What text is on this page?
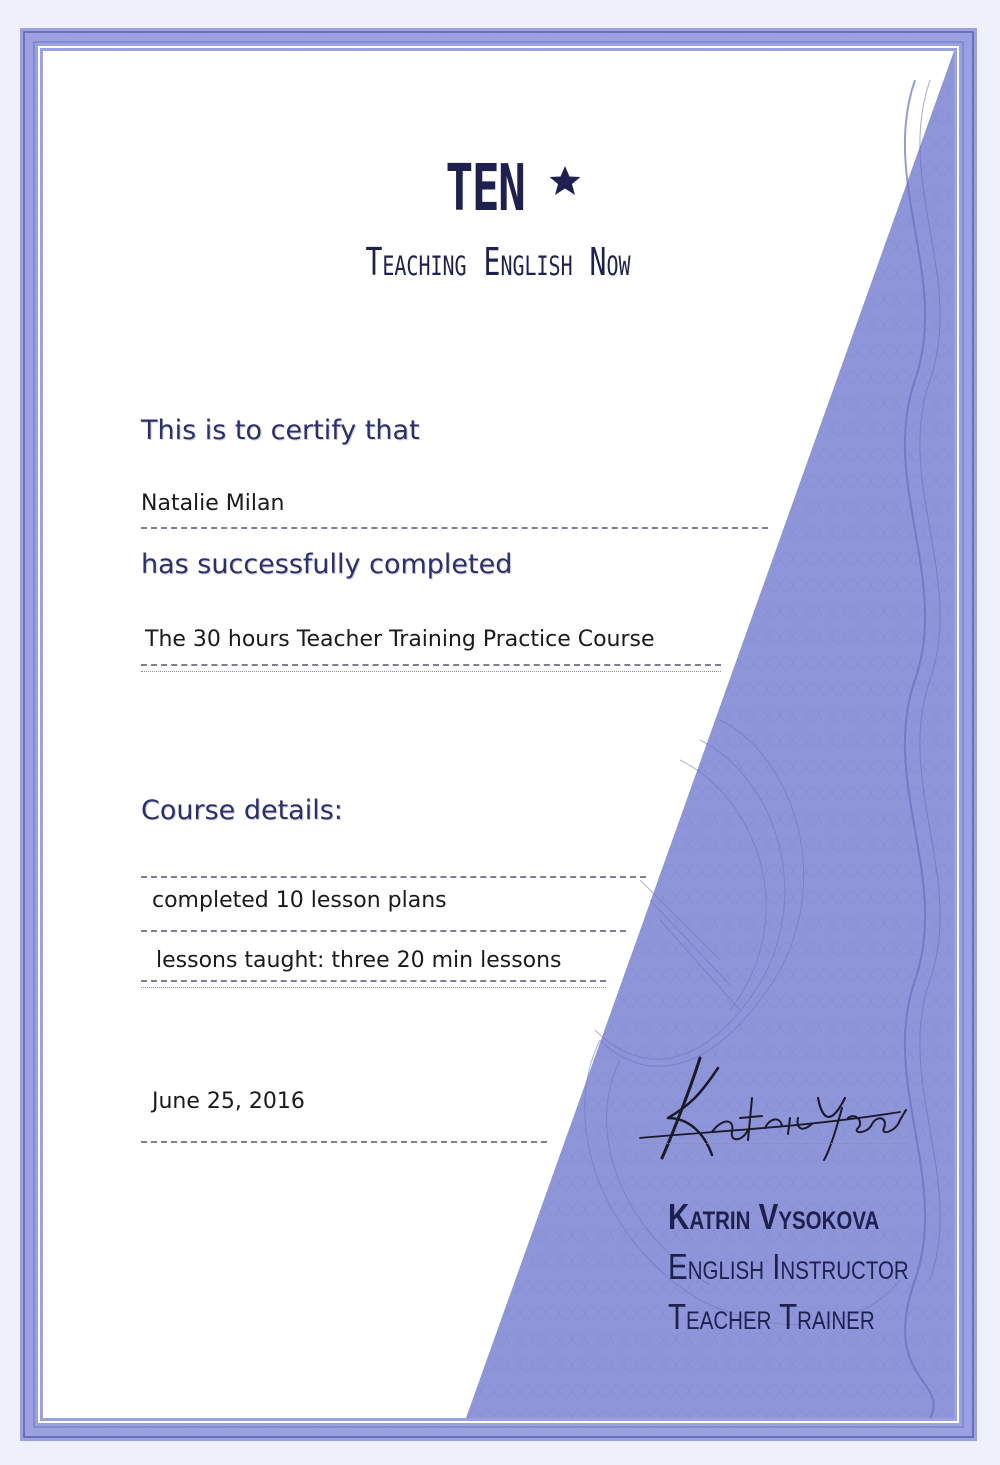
TEN
Teaching English Now
This is to certify that
Natalie Milan
has successfully completed
The 30 hours Teacher Training Practice Course
Course details:
completed 10 lesson plans
lessons taught: three 20 min lessons
June 25, 2016
Katrin Vysokova
English Instructor
Teacher Trainer
